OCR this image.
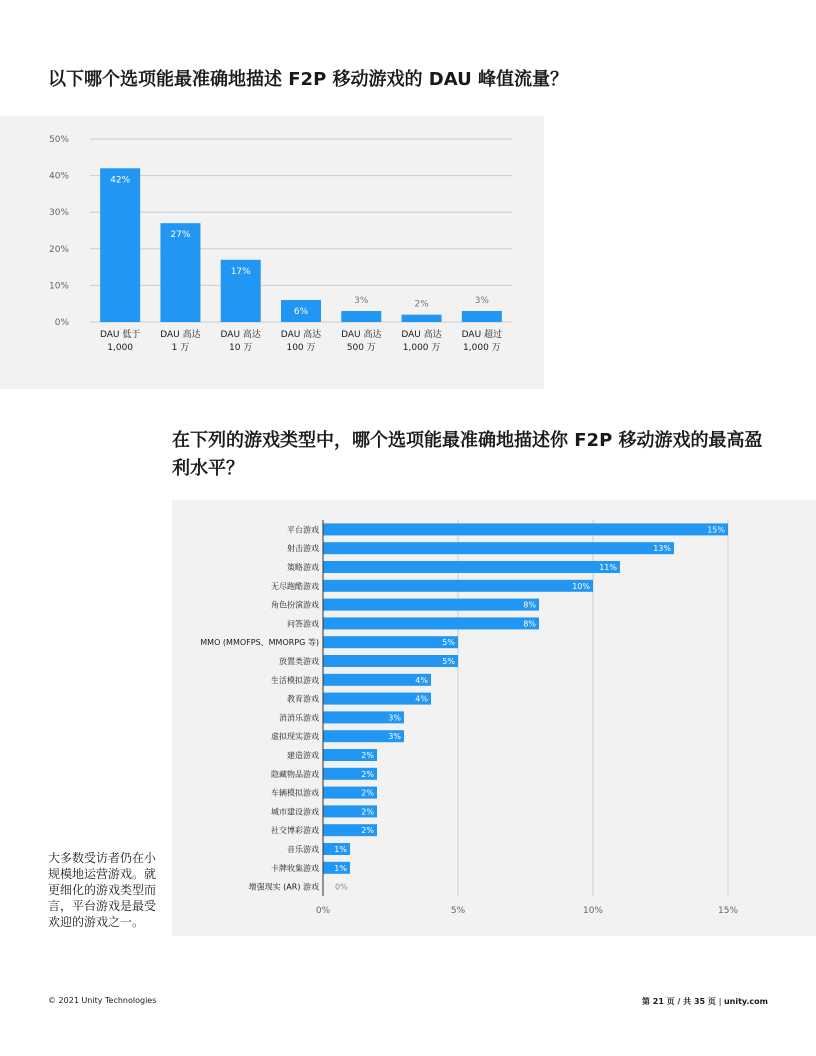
以下哪个选项能最准确地描述 F2P 移动游戏的 DAU 峰值流量？
0%
10%
20%
30%
40%
50%
42%
DAU 低于
1,000
27%
DAU 高达
1 万
17%
DAU 高达
10 万
6%
DAU 高达
100 万
3%
DAU 高达
500 万
2%
DAU 高达
1,000 万
3%
DAU 超过
1,000 万
在下列的游戏类型中，哪个选项能最准确地描述你 F2P 移动游戏的最高盈利水平？
0%	5%	10%	15%
15%
平台游戏
13%
射击游戏
11%
策略游戏
10%
无尽跑酷游戏
8%
角色扮演游戏
8%
问答游戏
5%
MMO (MMOFPS、MMORPG 等)
5%
放置类游戏
4%
生活模拟游戏
4%
教育游戏
3%
消消乐游戏
3%
虚拟现实游戏
2%
建造游戏
2%
隐藏物品游戏
2%
车辆模拟游戏
2%
城市建设游戏
2%
社交博彩游戏
1%
音乐游戏
1%
卡牌收集游戏
0%
增强现实 (AR) 游戏

大多数受访者仍在小规模地运营游戏。就更细化的游戏类型而言，平台游戏是最受欢迎的游戏之一。

© 2021 Unity Technologies	第 21 页 / 共 35 页 | unity.com
